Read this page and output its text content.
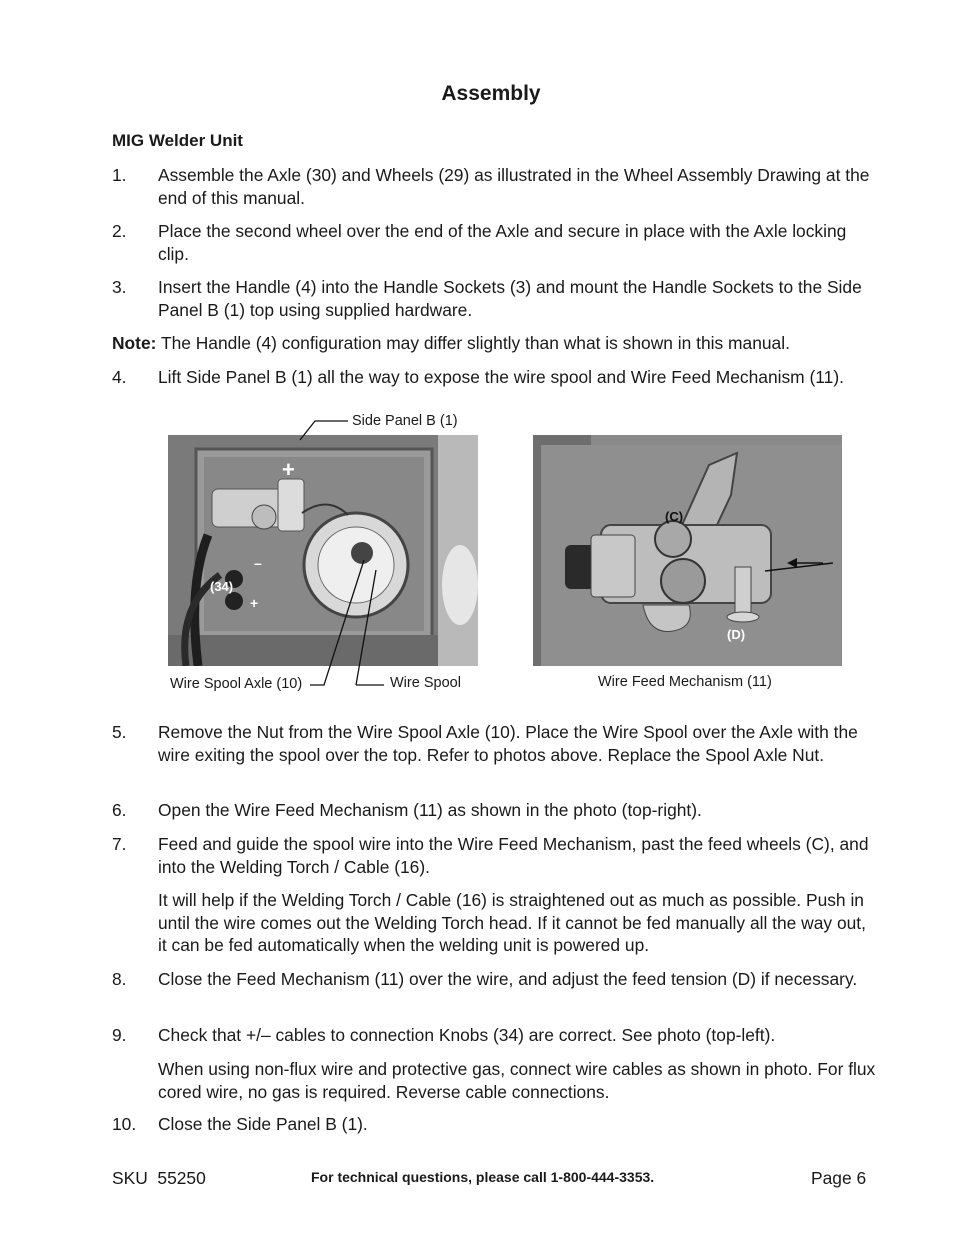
Assembly
MIG Welder Unit
1. Assemble the Axle (30) and Wheels (29) as illustrated in the Wheel Assembly Drawing at the end of this manual.
2. Place the second wheel over the end of the Axle and secure in place with the Axle locking clip.
3. Insert the Handle (4) into the Handle Sockets (3) and mount the Handle Sockets to the Side Panel B (1) top using supplied hardware.
Note: The Handle (4) configuration may differ slightly than what is shown in this manual.
4. Lift Side Panel B (1) all the way to expose the wire spool and Wire Feed Mechanism (11).
(34)
+
–
+
Side Panel B (1)
Wire Spool Axle (10)	Wire Spool
(C)
(D)
Wire Feed Mechanism (11)
5. Remove the Nut from the Wire Spool Axle (10). Place the Wire Spool over the Axle with the wire exiting the spool over the top. Refer to photos above. Replace the Spool Axle Nut.
6. Open the Wire Feed Mechanism (11) as shown in the photo (top-right).
7. Feed and guide the spool wire into the Wire Feed Mechanism, past the feed wheels (C), and into the Welding Torch / Cable (16).
It will help if the Welding Torch / Cable (16) is straightened out as much as possible. Push in until the wire comes out the Welding Torch head. If it cannot be fed manually all the way out, it can be fed automatically when the welding unit is powered up.
8. Close the Feed Mechanism (11) over the wire, and adjust the feed tension (D) if necessary.
9. Check that +/– cables to connection Knobs (34) are correct. See photo (top-left).
When using non-flux wire and protective gas, connect wire cables as shown in photo. For flux cored wire, no gas is required. Reverse cable connections.
10. Close the Side Panel B (1).
SKU  55250	For technical questions, please call 1-800-444-3353.	Page 6
